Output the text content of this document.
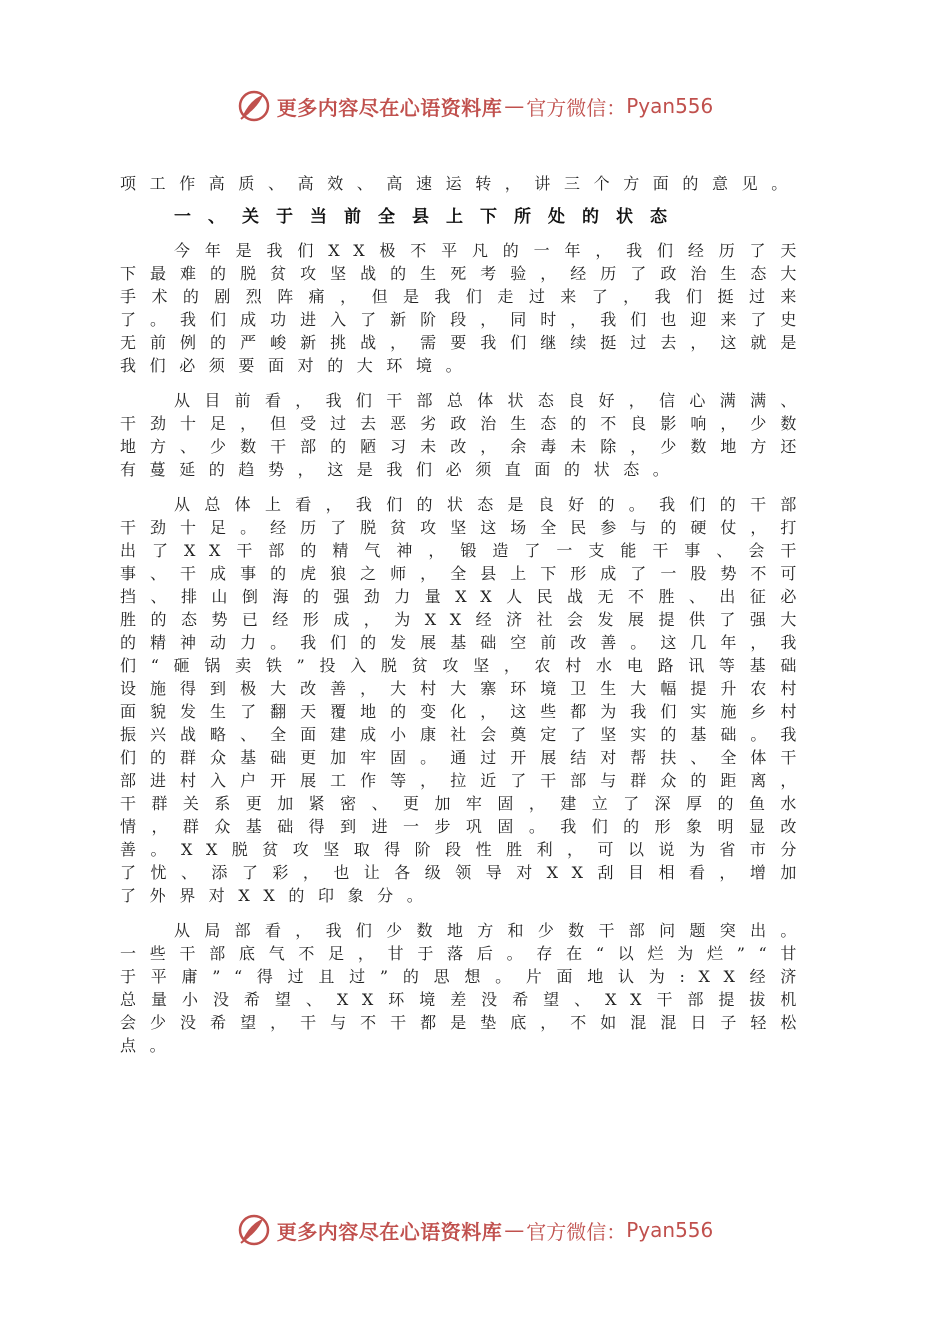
更多内容尽在心语资料库 — 官方微信： Pyan556

项工作高质、高效、高速运转，讲三个方面的意见。

一、关于当前全县上下所处的状态

今年是我们XX极不平凡的一年，我们经历了天下最难的脱贫攻坚战的生死考验，经历了政治生态大手术的剧烈阵痛，但是我们走过来了，我们挺过来了。我们成功进入了新阶段，同时，我们也迎来了史无前例的严峻新挑战，需要我们继续挺过去，这就是我们必须要面对的大环境。

从目前看，我们干部总体状态良好，信心满满、干劲十足，但受过去恶劣政治生态的不良影响，少数地方、少数干部的陋习未改，余毒未除，少数地方还有蔓延的趋势，这是我们必须直面的状态。

从总体上看，我们的状态是良好的。我们的干部干劲十足。经历了脱贫攻坚这场全民参与的硬仗，打出了XX干部的精气神，锻造了一支能干事、会干事、干成事的虎狼之师，全县上下形成了一股势不可挡、排山倒海的强劲力量XX人民战无不胜、出征必胜的态势已经形成，为XX经济社会发展提供了强大的精神动力。我们的发展基础空前改善。这几年，我们“砸锅卖铁”投入脱贫攻坚，农村水电路讯等基础设施得到极大改善，大村大寨环境卫生大幅提升农村面貌发生了翻天覆地的变化，这些都为我们实施乡村振兴战略、全面建成小康社会奠定了坚实的基础。我们的群众基础更加牢固。通过开展结对帮扶、全体干部进村入户开展工作等，拉近了干部与群众的距离，干群关系更加紧密、更加牢固，建立了深厚的鱼水情，群众基础得到进一步巩固。我们的形象明显改善。XX脱贫攻坚取得阶段性胜利，可以说为省市分了忧、添了彩，也让各级领导对XX刮目相看，增加了外界对XX的印象分。

从局部看，我们少数地方和少数干部问题突出。一些干部底气不足，甘于落后。存在“以烂为烂”“甘于平庸”“得过且过”的思想。片面地认为:XX经济总量小没希望、XX环境差没希望、XX干部提拔机会少没希望，干与不干都是垫底，不如混混日子轻松点。

更多内容尽在心语资料库 — 官方微信： Pyan556
